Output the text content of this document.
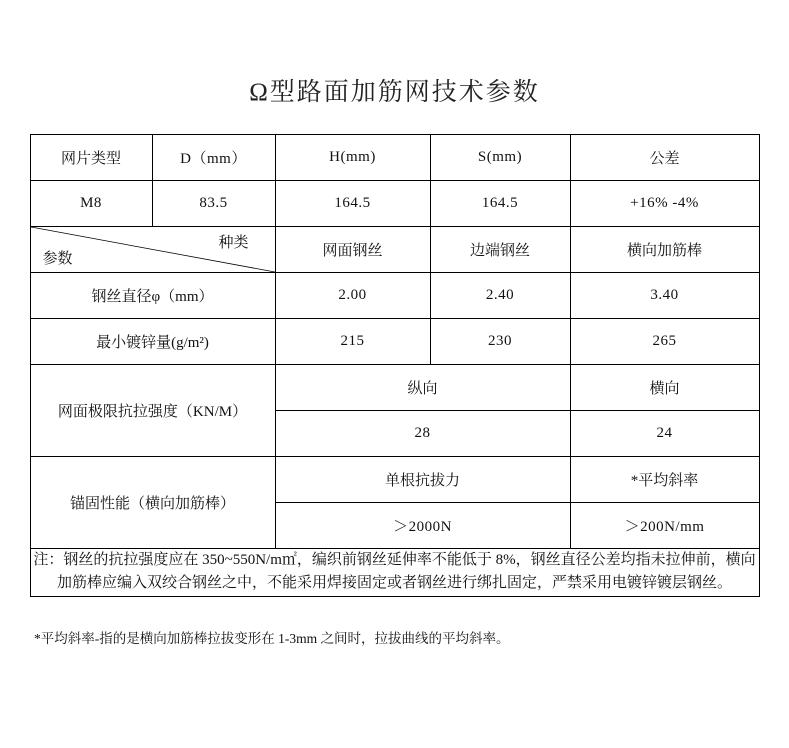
Ω型路面加筋网技术参数
网片类型	D（mm）	H(mm)	S(mm)	公差
M8	83.5	164.5	164.5	+16% -4%

种类
参数		网面钢丝	边端钢丝	横向加筋棒
钢丝直径φ（mm）		2.00	2.40	3.40
最小镀锌量(g/m²)		215	230	265
网面极限抗拉强度（KN/M）		纵向		横向
		28		24
锚固性能（横向加筋棒）		单根抗拔力		*平均斜率
		＞2000N		＞200N/mm

注：钢丝的抗拉强度应在 350~550N/m㎡，编织前钢丝延伸率不能低于 8%，钢丝直径公差均指未拉伸前，横向加筋棒应编入双绞合钢丝之中，不能采用焊接固定或者钢丝进行绑扎固定，严禁采用电镀锌镀层钢丝。				
*平均斜率-指的是横向加筋棒拉拔变形在 1-3mm 之间时，拉拔曲线的平均斜率。
